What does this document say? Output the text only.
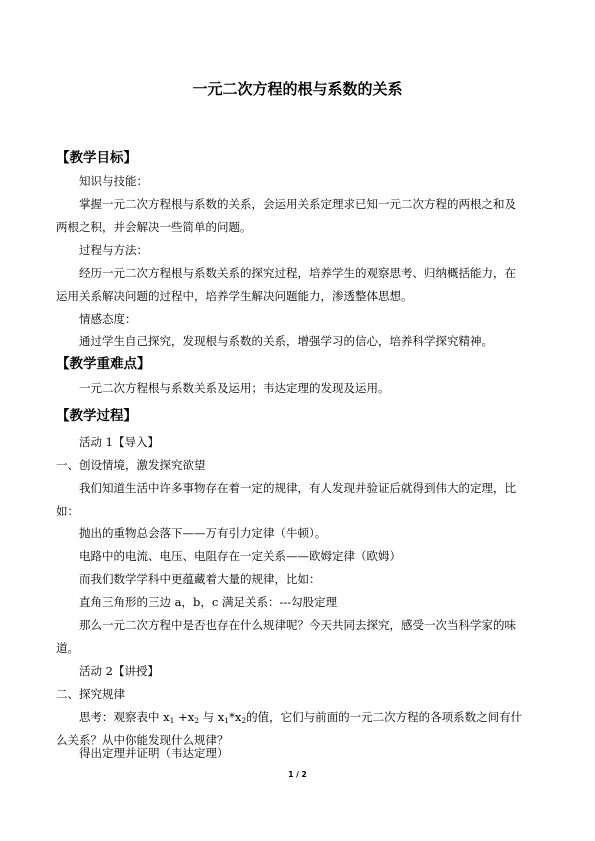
一元二次方程的根与系数的关系
【教学目标】
知识与技能：
掌握一元二次方程根与系数的关系，会运用关系定理求已知一元二次方程的两根之和及
两根之积，并会解决一些简单的问题。
过程与方法：
经历一元二次方程根与系数关系的探究过程，培养学生的观察思考、归纳概括能力，在
运用关系解决问题的过程中，培养学生解决问题能力，渗透整体思想。
情感态度：
通过学生自己探究，发现根与系数的关系，增强学习的信心，培养科学探究精神。
【教学重难点】
一元二次方程根与系数关系及运用；韦达定理的发现及运用。
【教学过程】
活动 1【导入】
一、创设情境，激发探究欲望
我们知道生活中许多事物存在着一定的规律，有人发现并验证后就得到伟大的定理，比
如：
抛出的重物总会落下——万有引力定律（牛顿）。
电路中的电流、电压、电阻存在一定关系——欧姆定律（欧姆）
而我们数学学科中更蕴藏着大量的规律，比如：
直角三角形的三边 a，b，c 满足关系：---勾股定理
那么一元二次方程中是否也存在什么规律呢？今天共同去探究，感受一次当科学家的味
道。
活动 2【讲授】
二、探究规律
思考：观察表中 $x_1 +x_2$ 与 $x_1*x_2$的值，它们与前面的一元二次方程的各项系数之间有什
么关系？从中你能发现什么规律？
得出定理并证明（韦达定理）
1 / 2
